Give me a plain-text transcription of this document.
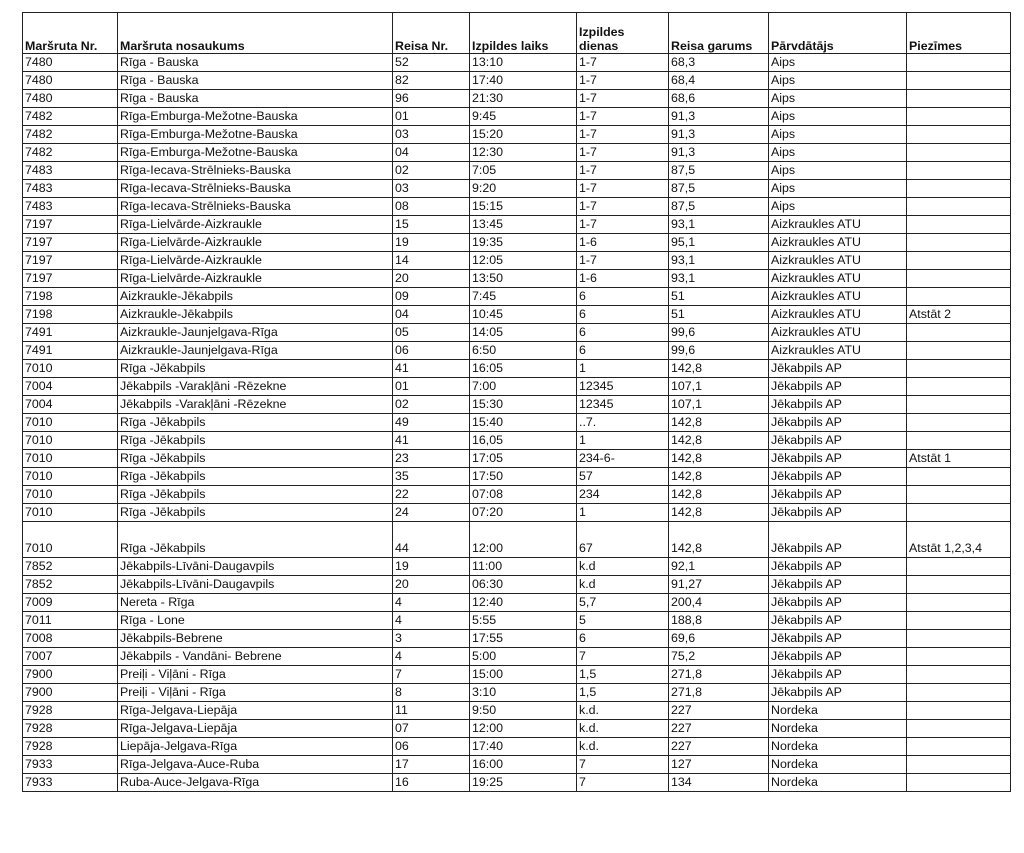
Maršruta Nr.	Maršruta nosaukums	Reisa Nr.	Izpildes laiks	Izpildes dienas	Reisa garums	Pārvdātājs	Piezīmes
7480	Rīga - Bauska	52	13:10	1-7	68,3	Aips	
7480	Rīga - Bauska	82	17:40	1-7	68,4	Aips	
7480	Rīga - Bauska	96	21:30	1-7	68,6	Aips	
7482	Rīga-Emburga-Mežotne-Bauska	01	9:45	1-7	91,3	Aips	
7482	Rīga-Emburga-Mežotne-Bauska	03	15:20	1-7	91,3	Aips	
7482	Rīga-Emburga-Mežotne-Bauska	04	12:30	1-7	91,3	Aips	
7483	Rīga-Iecava-Strēlnieks-Bauska	02	7:05	1-7	87,5	Aips	
7483	Rīga-Iecava-Strēlnieks-Bauska	03	9:20	1-7	87,5	Aips	
7483	Rīga-Iecava-Strēlnieks-Bauska	08	15:15	1-7	87,5	Aips	
7197	Rīga-Lielvārde-Aizkraukle	15	13:45	1-7	93,1	Aizkraukles ATU	
7197	Rīga-Lielvārde-Aizkraukle	19	19:35	1-6	95,1	Aizkraukles ATU	
7197	Rīga-Lielvārde-Aizkraukle	14	12:05	1-7	93,1	Aizkraukles ATU	
7197	Rīga-Lielvārde-Aizkraukle	20	13:50	1-6	93,1	Aizkraukles ATU	
7198	Aizkraukle-Jēkabpils	09	7:45	6	51	Aizkraukles ATU	
7198	Aizkraukle-Jēkabpils	04	10:45	6	51	Aizkraukles ATU	Atstāt 2
7491	Aizkraukle-Jaunjelgava-Rīga	05	14:05	6	99,6	Aizkraukles ATU	
7491	Aizkraukle-Jaunjelgava-Rīga	06	6:50	6	99,6	Aizkraukles ATU	
7010	Rīga -Jēkabpils	41	16:05	1	142,8	Jēkabpils AP	
7004	Jēkabpils -Varakļāni -Rēzekne	01	7:00	12345	107,1	Jēkabpils AP	
7004	Jēkabpils -Varakļāni -Rēzekne	02	15:30	12345	107,1	Jēkabpils AP	
7010	Rīga -Jēkabpils	49	15:40	..7.	142,8	Jēkabpils AP	
7010	Rīga -Jēkabpils	41	16,05	1	142,8	Jēkabpils AP	
7010	Rīga -Jēkabpils	23	17:05	234-6-	142,8	Jēkabpils AP	Atstāt 1
7010	Rīga -Jēkabpils	35	17:50	57	142,8	Jēkabpils AP	
7010	Rīga -Jēkabpils	22	07:08	234	142,8	Jēkabpils AP	
7010	Rīga -Jēkabpils	24	07:20	1	142,8	Jēkabpils AP	
7010	Rīga -Jēkabpils	44	12:00	67	142,8	Jēkabpils AP	Atstāt 1,2,3,4
7852	Jēkabpils-Līvāni-Daugavpils	19	11:00	k.d	92,1	Jēkabpils AP	
7852	Jēkabpils-Līvāni-Daugavpils	20	06:30	k.d	91,27	Jēkabpils AP	
7009	Nereta - Rīga	4	12:40	5,7	200,4	Jēkabpils AP	
7011	Rīga - Lone	4	5:55	5	188,8	Jēkabpils AP	
7008	Jēkabpils-Bebrene	3	17:55	6	69,6	Jēkabpils AP	
7007	Jēkabpils - Vandāni- Bebrene	4	5:00	7	75,2	Jēkabpils AP	
7900	Preiļi - Viļāni - Rīga	7	15:00	1,5	271,8	Jēkabpils AP	
7900	Preiļi - Viļāni - Rīga	8	3:10	1,5	271,8	Jēkabpils AP	
7928	Rīga-Jelgava-Liepāja	11	9:50	k.d.	227	Nordeka	
7928	Rīga-Jelgava-Liepāja	07	12:00	k.d.	227	Nordeka	
7928	Liepāja-Jelgava-Rīga	06	17:40	k.d.	227	Nordeka	
7933	Rīga-Jelgava-Auce-Ruba	17	16:00	7	127	Nordeka	
7933	Ruba-Auce-Jelgava-Rīga	16	19:25	7	134	Nordeka	
